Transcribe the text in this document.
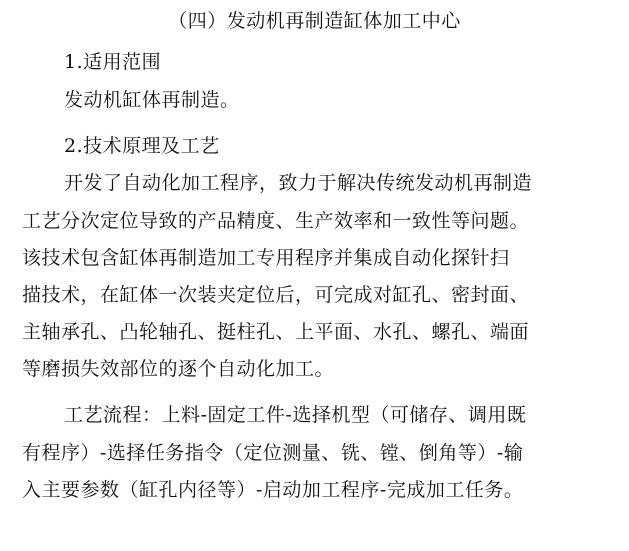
（四）发动机再制造缸体加工中心
1.适用范围
发动机缸体再制造。
2.技术原理及工艺
开发了自动化加工程序，致力于解决传统发动机再制造
工艺分次定位导致的产品精度、生产效率和一致性等问题。
该技术包含缸体再制造加工专用程序并集成自动化探针扫
描技术，在缸体一次装夹定位后，可完成对缸孔、密封面、
主轴承孔、凸轮轴孔、挺柱孔、上平面、水孔、螺孔、端面
等磨损失效部位的逐个自动化加工。
工艺流程：上料-固定工件-选择机型（可储存、调用既
有程序）-选择任务指令（定位测量、铣、镗、倒角等）-输
入主要参数（缸孔内径等）-启动加工程序-完成加工任务。
